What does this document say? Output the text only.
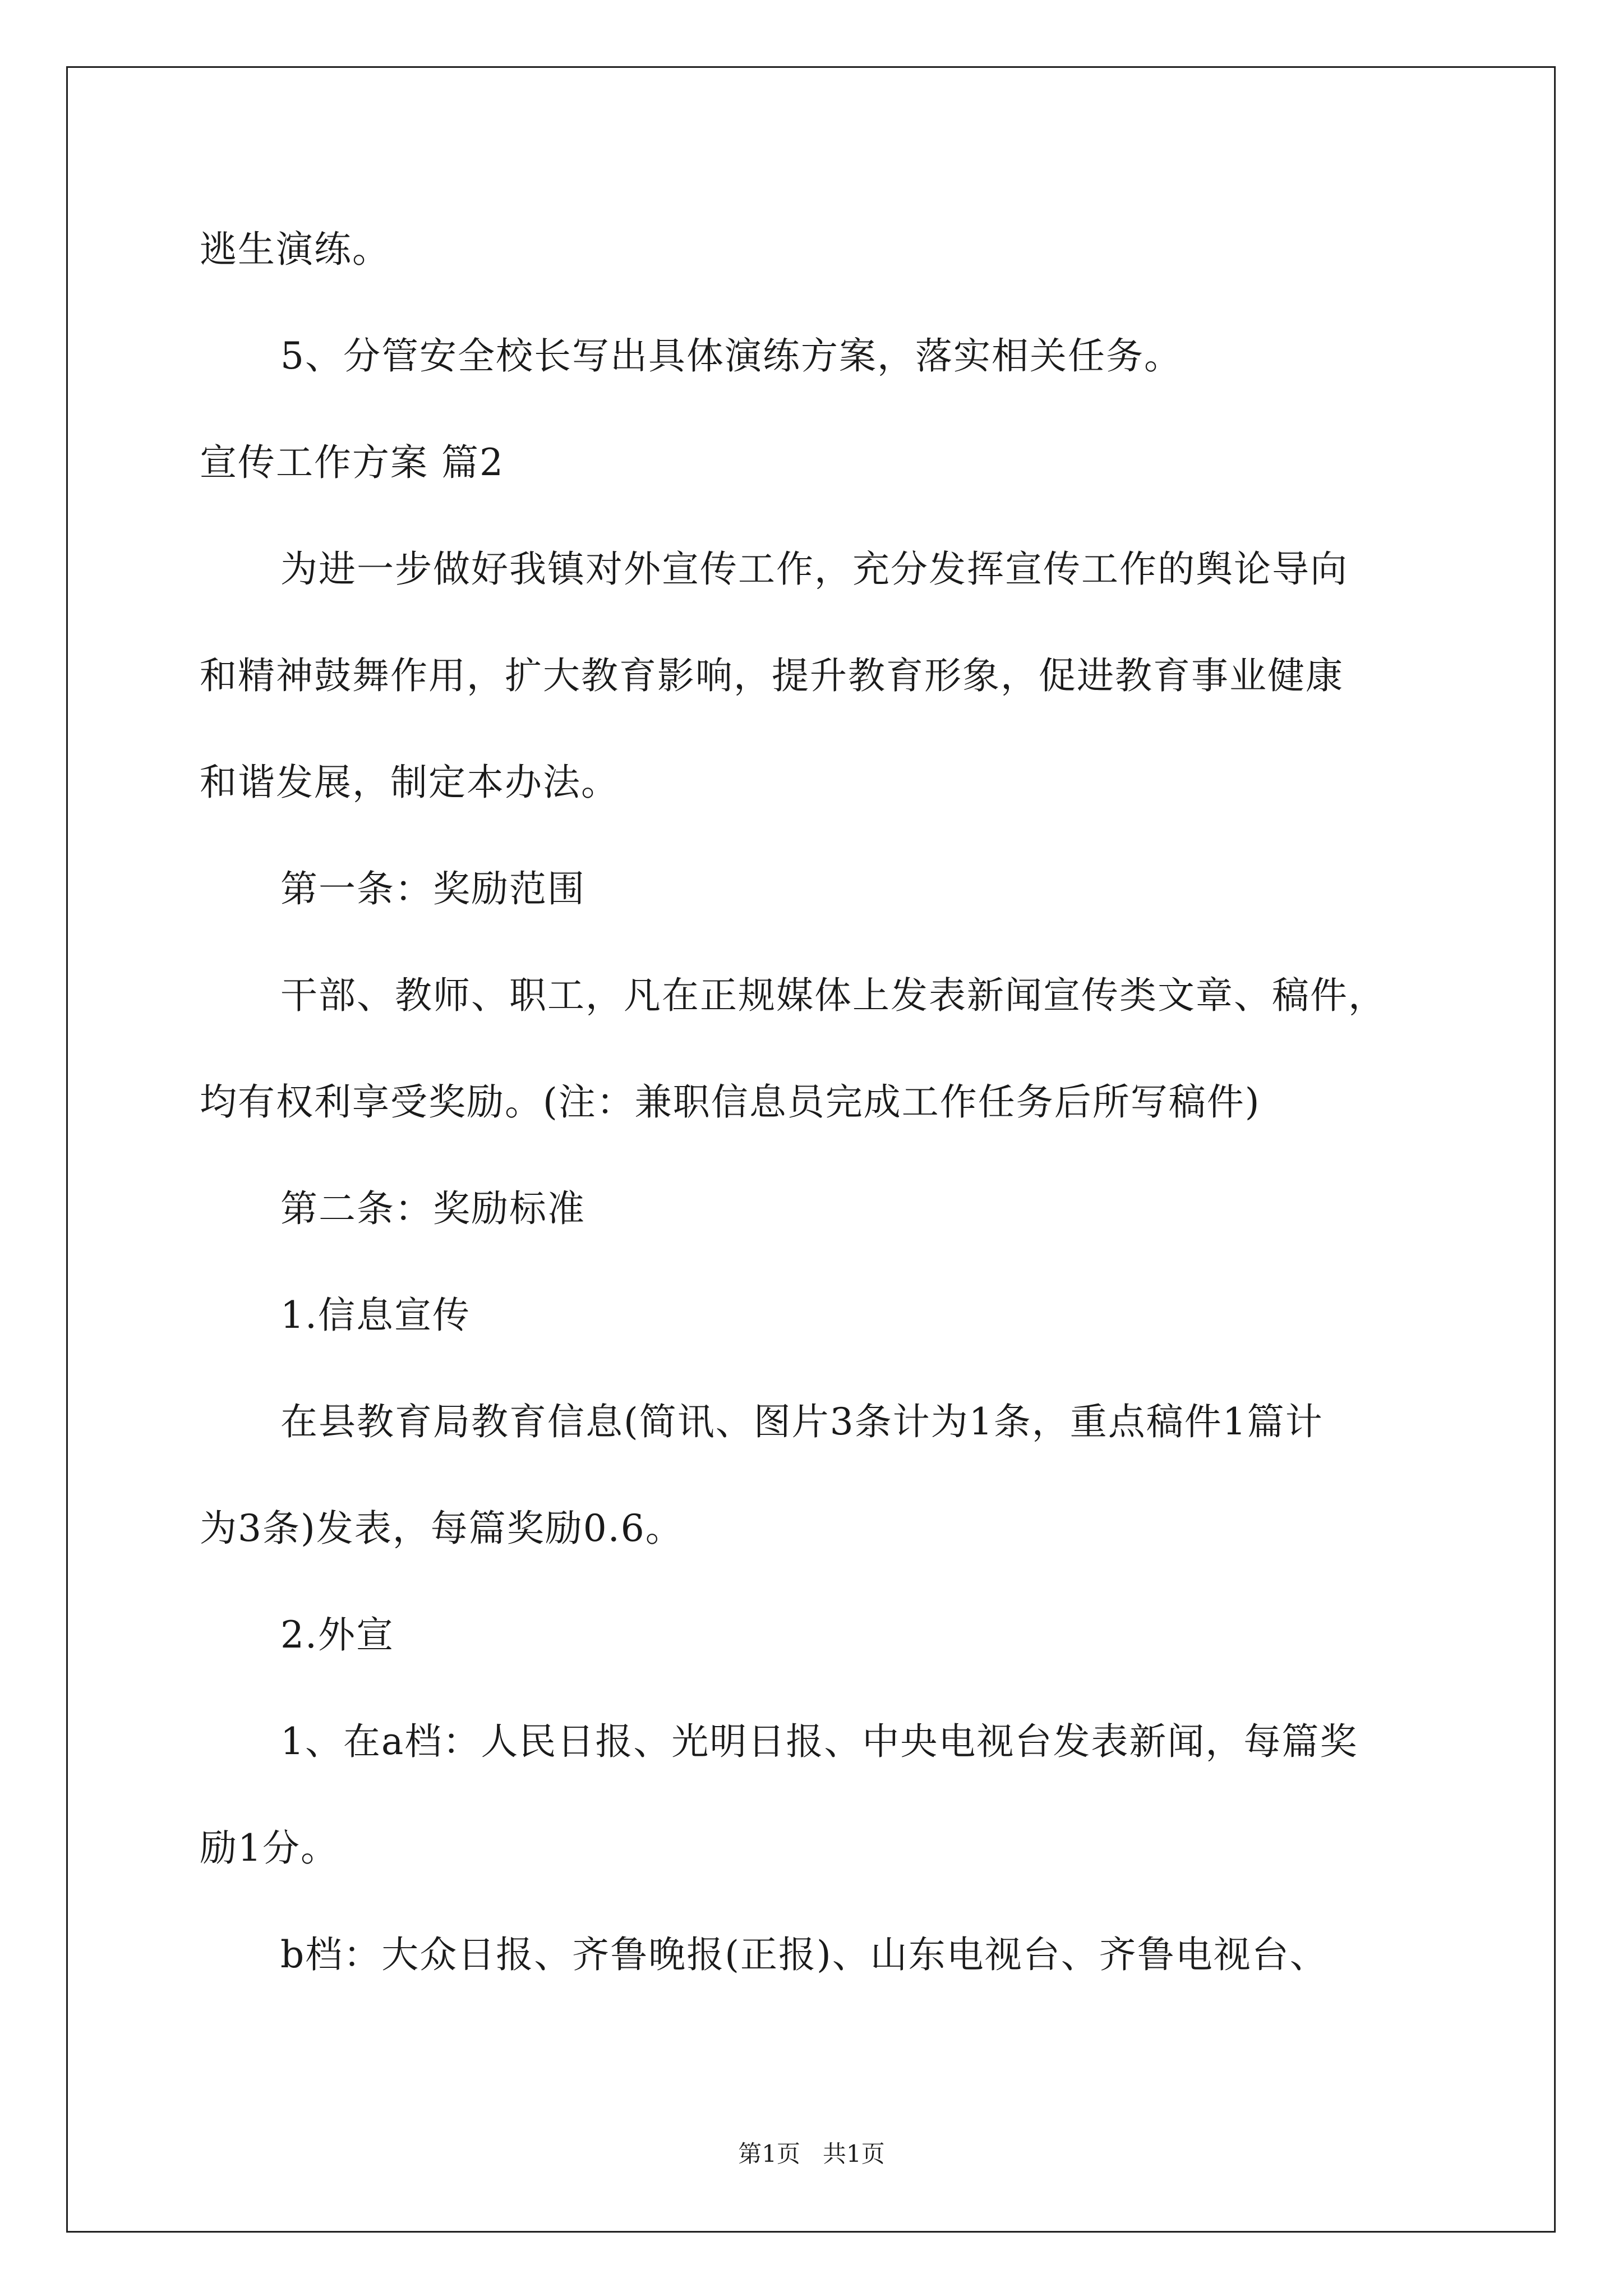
逃生演练。
5、分管安全校长写出具体演练方案，落实相关任务。
宣传工作方案 篇2
为进一步做好我镇对外宣传工作，充分发挥宣传工作的舆论导向
和精神鼓舞作用，扩大教育影响，提升教育形象，促进教育事业健康
和谐发展，制定本办法。
第一条：奖励范围
干部、教师、职工，凡在正规媒体上发表新闻宣传类文章、稿件，
均有权利享受奖励。(注：兼职信息员完成工作任务后所写稿件)
第二条：奖励标准
1.信息宣传
在县教育局教育信息(简讯、图片3条计为1条，重点稿件1篇计
为3条)发表，每篇奖励0.6。
2.外宣
1、在a档：人民日报、光明日报、中央电视台发表新闻，每篇奖
励1分。
b档：大众日报、齐鲁晚报(正报)、山东电视台、齐鲁电视台、
第1页   共1页
